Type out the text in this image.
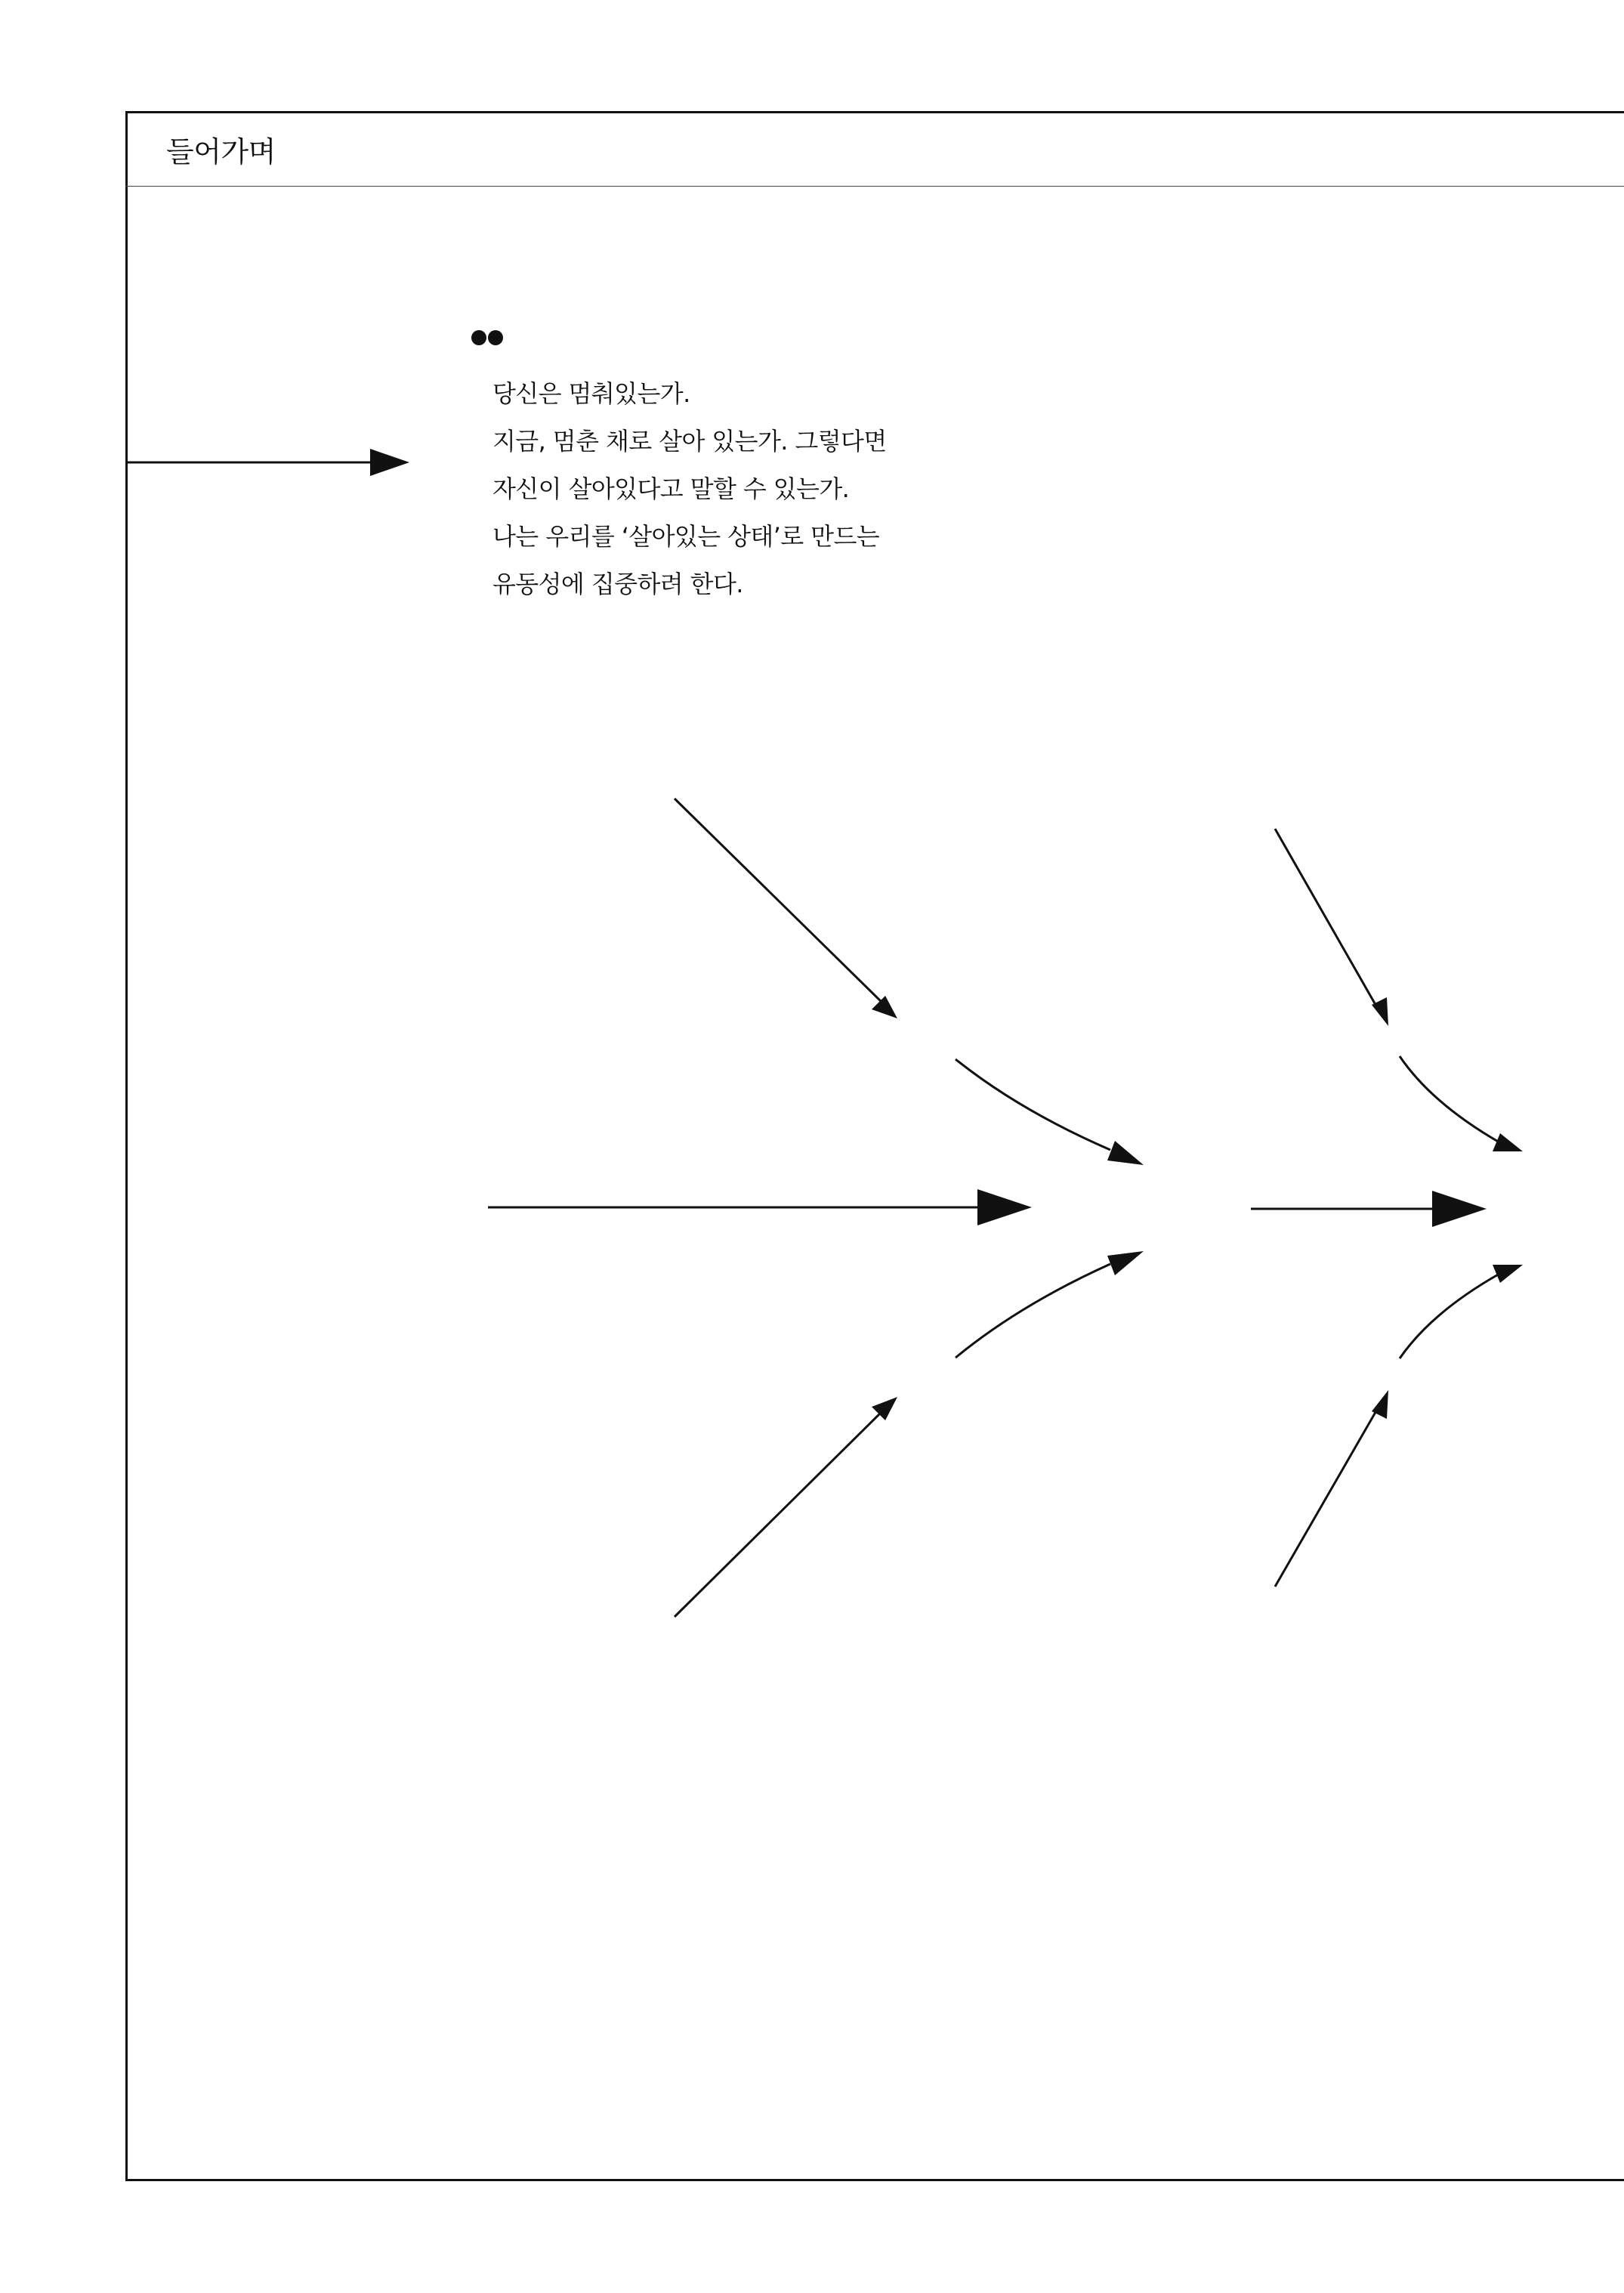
들어가며
당신은 멈춰있는가.
지금, 멈춘 채로 살아 있는가. 그렇다면
자신이 살아있다고 말할 수 있는가.
나는 우리를 ‘살아있는 상태’로 만드는
유동성에 집중하려 한다.
